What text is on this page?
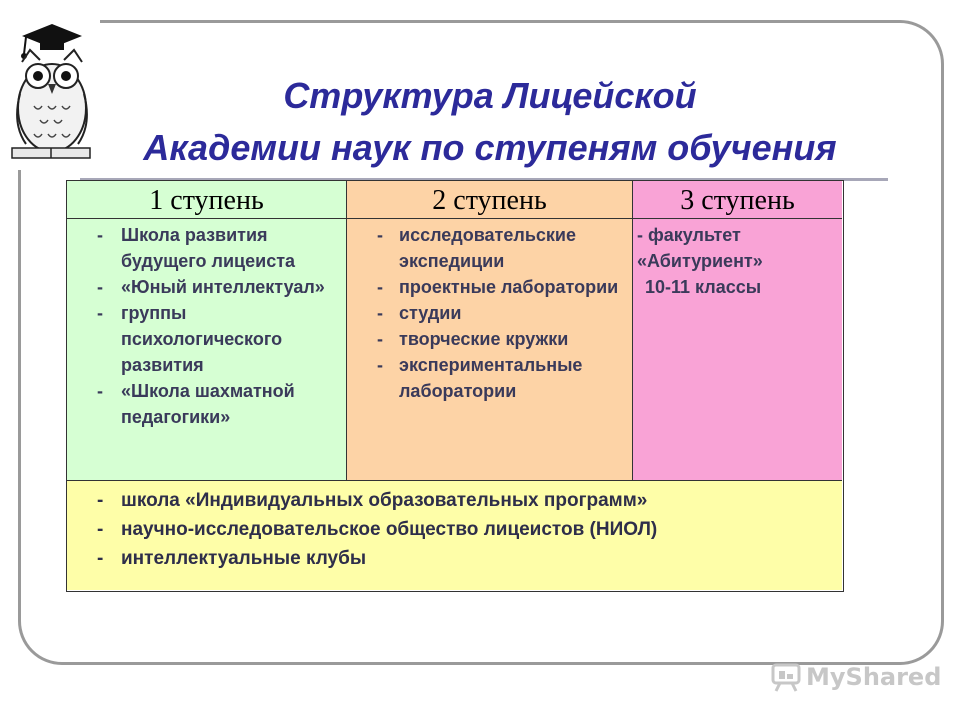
Структура Лицейской
Академии наук по ступеням обучения
1 ступень
- Школа развития будущего лицеиста
- «Юный интеллектуал»
- группы психологического развития
- «Школа шахматной педагогики»
2 ступень
- исследовательские экспедиции
- проектные лаборатории
- студии
- творческие кружки
- экспериментальные лаборатории
3 ступень
- факультет
«Абитуриент»
10-11 классы
- школа «Индивидуальных образовательных программ»
- научно-исследовательское общество лицеистов (НИОЛ)
- интеллектуальные клубы
MyShared
